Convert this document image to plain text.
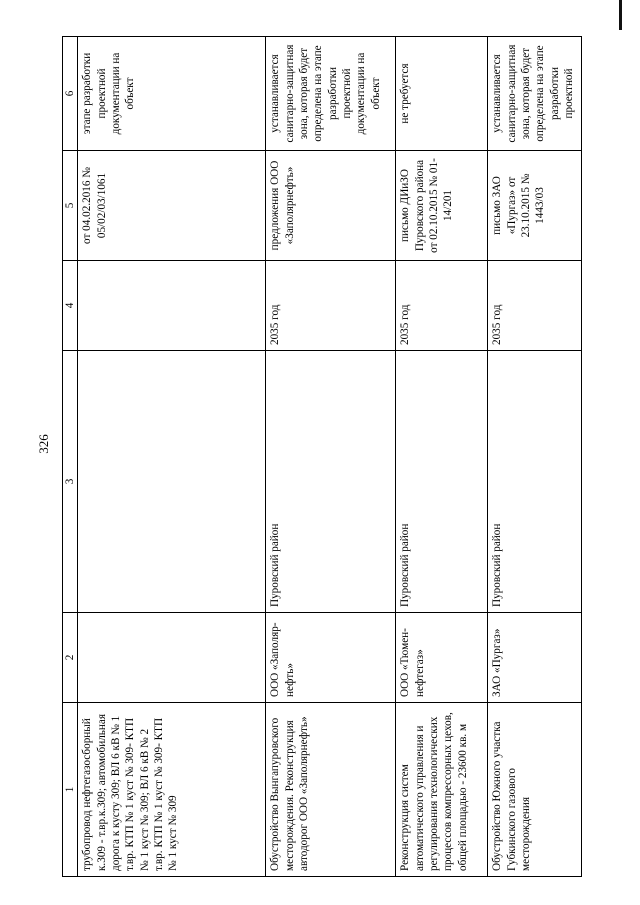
326
1	2	3	4	5	6
трубопровод нефтегазосборный к.309 - т.вр.к.309; автомобильная дорога к кусту 309; ВЛ 6 кВ № 1 т.вр. КТП № 1 куст № 309- КТП № 1 куст № 309; ВЛ 6 кВ № 2 т.вр. КТП № 1 куст № 309- КТП № 1 куст № 309				от 04.02.2016 № 05/02/03/1061	этапе разработки проектной документации на объект
Обустройство Вынгапуровского месторождения. Реконструкция автодорог ООО «Заполярнефть»	ООО «Заполяр-нефть»	Пуровский район	2035 год	предложения ООО «Заполярнефть»	устанавливается санитарно-защитная зона, которая будет определена на этапе разработки проектной документации на объект
Реконструкция систем автоматического управления и регулирования технологических процессов компрессорных цехов, общей площадью - 23600 кв. м	ООО «Тюмен-нефтегаз»	Пуровский район	2035 год	письмо ДИиЗО Пуровского района от 02.10.2015 № 01-14/201	не требуется
Обустройство Южного участка Губкинского газового месторождения	ЗАО «Пургаз»	Пуровский район	2035 год	письмо ЗАО «Пургаз» от 23.10.2015 № 1443/03	устанавливается санитарно-защитная зона, которая будет определена на этапе разработки проектной
